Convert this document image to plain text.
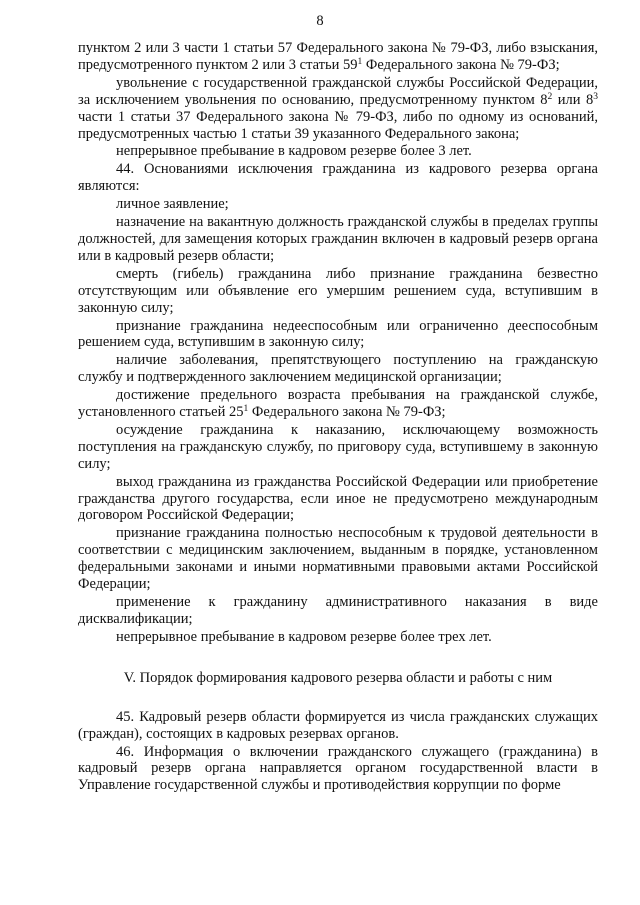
8

пунктом 2 или 3 части 1 статьи 57 Федерального закона № 79-ФЗ, либо взыскания, предусмотренного пунктом 2 или 3 статьи $59^1$ Федерального закона № 79-ФЗ;

увольнение с государственной гражданской службы Российской Федерации, за исключением увольнения по основанию, предусмотренному пунктом $8^2$ или $8^3$ части 1 статьи 37 Федерального закона № 79-ФЗ, либо по одному из оснований, предусмотренных частью 1 статьи 39 указанного Федерального закона;

непрерывное пребывание в кадровом резерве более 3 лет.

44. Основаниями исключения гражданина из кадрового резерва органа являются:

личное заявление;

назначение на вакантную должность гражданской службы в пределах группы должностей, для замещения которых гражданин включен в кадровый резерв органа или в кадровый резерв области;

смерть (гибель) гражданина либо признание гражданина безвестно отсутствующим или объявление его умершим решением суда, вступившим в законную силу;

признание гражданина недееспособным или ограниченно дееспособным решением суда, вступившим в законную силу;

наличие заболевания, препятствующего поступлению на гражданскую службу и подтвержденного заключением медицинской организации;

достижение предельного возраста пребывания на гражданской службе, установленного статьей $25^1$ Федерального закона № 79-ФЗ;

осуждение гражданина к наказанию, исключающему возможность поступления на гражданскую службу, по приговору суда, вступившему в законную силу;

выход гражданина из гражданства Российской Федерации или приобретение гражданства другого государства, если иное не предусмотрено международным договором Российской Федерации;

признание гражданина полностью неспособным к трудовой деятельности в соответствии с медицинским заключением, выданным в порядке, установленном федеральными законами и иными нормативными правовыми актами Российской Федерации;

применение к гражданину административного наказания в виде дисквалификации;

непрерывное пребывание в кадровом резерве более трех лет.

V. Порядок формирования кадрового резерва области и работы с ним

45. Кадровый резерв области формируется из числа гражданских служащих (граждан), состоящих в кадровых резервах органов.

46. Информация о включении гражданского служащего (гражданина) в кадровый резерв органа направляется органом государственной власти в Управление государственной службы и противодействия коррупции по форме
